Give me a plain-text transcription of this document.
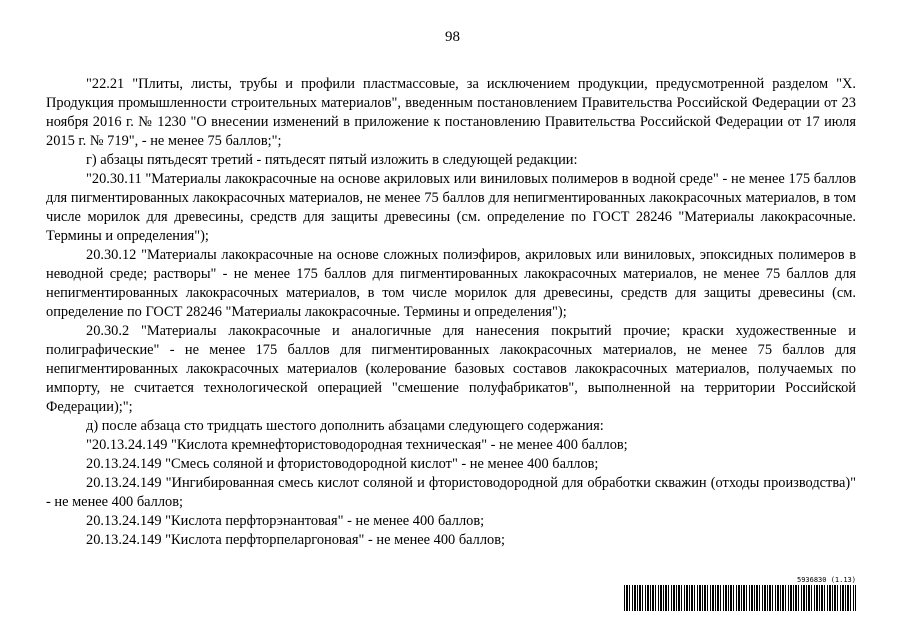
98

"22.21 "Плиты, листы, трубы и профили пластмассовые, за исключением продукции, предусмотренной разделом "X. Продукция промышленности строительных материалов", введенным постановлением Правительства Российской Федерации от 23 ноября 2016 г. № 1230 "О внесении изменений в приложение к постановлению Правительства Российской Федерации от 17 июля 2015 г. № 719", - не менее 75 баллов;";

г) абзацы пятьдесят третий - пятьдесят пятый изложить в следующей редакции:

"20.30.11 "Материалы лакокрасочные на основе акриловых или виниловых полимеров в водной среде" - не менее 175 баллов для пигментированных лакокрасочных материалов, не менее 75 баллов для непигментированных лакокрасочных материалов, в том числе морилок для древесины, средств для защиты древесины (см. определение по ГОСТ 28246 "Материалы лакокрасочные. Термины и определения");

20.30.12 "Материалы лакокрасочные на основе сложных полиэфиров, акриловых или виниловых, эпоксидных полимеров в неводной среде; растворы" - не менее 175 баллов для пигментированных лакокрасочных материалов, не менее 75 баллов для непигментированных лакокрасочных материалов, в том числе морилок для древесины, средств для защиты древесины (см. определение по ГОСТ 28246 "Материалы лакокрасочные. Термины и определения");

20.30.2 "Материалы лакокрасочные и аналогичные для нанесения покрытий прочие; краски художественные и полиграфические" - не менее 175 баллов для пигментированных лакокрасочных материалов, не менее 75 баллов для непигментированных лакокрасочных материалов (колерование базовых составов лакокрасочных материалов, получаемых по импорту, не считается технологической операцией "смешение полуфабрикатов", выполненной на территории Российской Федерации);";

д) после абзаца сто тридцать шестого дополнить абзацами следующего содержания:

"20.13.24.149 "Кислота кремнефтористоводородная техническая" - не менее 400 баллов;

20.13.24.149 "Смесь соляной и фтористоводородной кислот" - не менее 400 баллов;

20.13.24.149 "Ингибированная смесь кислот соляной и фтористоводородной для обработки скважин (отходы производства)" - не менее 400 баллов;

20.13.24.149 "Кислота перфторэнантовая" - не менее 400 баллов;

20.13.24.149 "Кислота перфторпеларгоновая" - не менее 400 баллов;

5936830 (1.13)
